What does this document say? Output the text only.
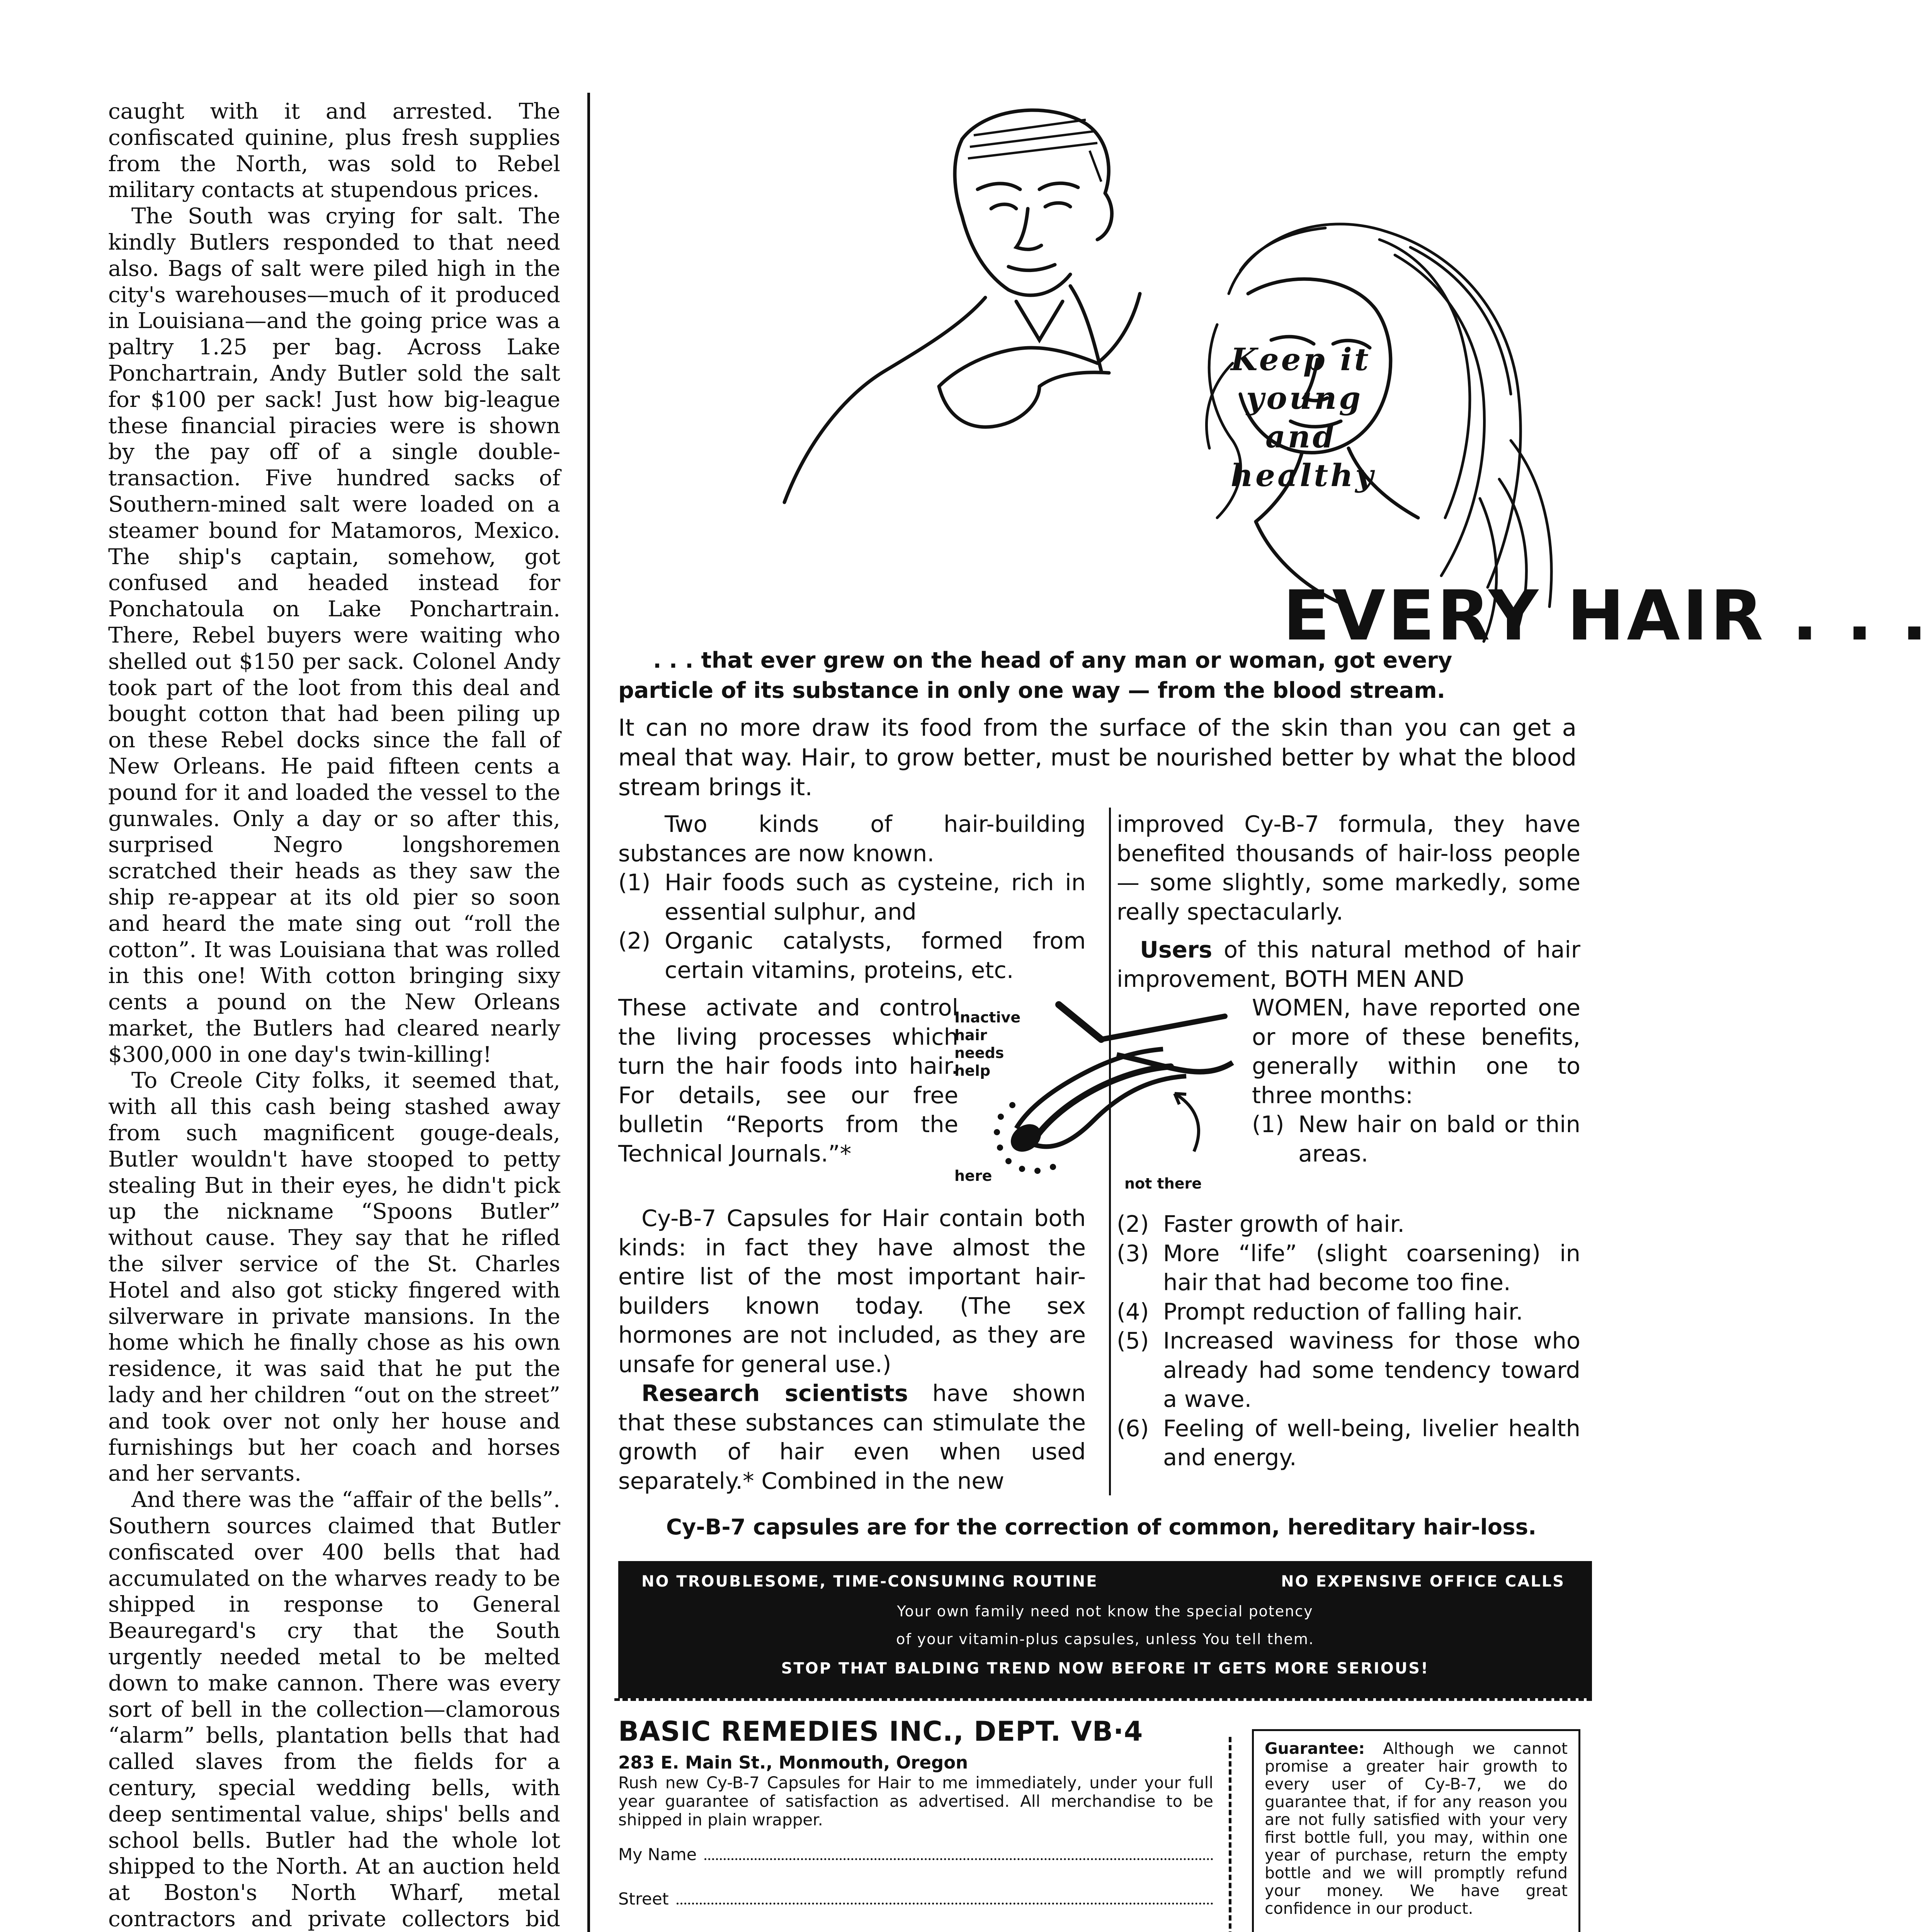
caught with it and arrested. The confiscated quinine, plus fresh supplies from the North, was sold to Rebel military contacts at stupendous prices.

The South was crying for salt. The kindly Butlers responded to that need also. Bags of salt were piled high in the city's warehouses—much of it produced in Louisiana—and the going price was a paltry 1.25 per bag. Across Lake Ponchartrain, Andy Butler sold the salt for $100 per sack! Just how big-league these financial piracies were is shown by the pay off of a single double-transaction. Five hundred sacks of Southern-mined salt were loaded on a steamer bound for Matamoros, Mexico. The ship's captain, somehow, got confused and headed instead for Ponchatoula on Lake Ponchartrain. There, Rebel buyers were waiting who shelled out $150 per sack. Colonel Andy took part of the loot from this deal and bought cotton that had been piling up on these Rebel docks since the fall of New Orleans. He paid fifteen cents a pound for it and loaded the vessel to the gunwales. Only a day or so after this, surprised Negro longshoremen scratched their heads as they saw the ship re-appear at its old pier so soon and heard the mate sing out “roll the cotton”. It was Louisiana that was rolled in this one! With cotton bringing sixy cents a pound on the New Orleans market, the Butlers had cleared nearly $300,000 in one day's twin-killing!

To Creole City folks, it seemed that, with all this cash being stashed away from such magnificent gouge-deals, Butler wouldn't have stooped to petty stealing But in their eyes, he didn't pick up the nickname “Spoons Butler” without cause. They say that he rifled the silver service of the St. Charles Hotel and also got sticky fingered with silverware in private mansions. In the home which he finally chose as his own residence, it was said that he put the lady and her children “out on the street” and took over not only her house and furnishings but her coach and horses and her servants.

And there was the “affair of the bells”. Southern sources claimed that Butler confiscated over 400 bells that had accumulated on the wharves ready to be shipped in response to General Beauregard's cry that the South urgently needed metal to be melted down to make cannon. There was every sort of bell in the collection—clamorous “alarm” bells, plantation bells that had called slaves from the fields for a century, special wedding bells, with deep sentimental value, ships' bells and school bells. Butler had the whole lot shipped to the North. At an auction held at Boston's North Wharf, metal contractors and private collectors bid

Keep it
young
and
healthy
EVERY HAIR . . .
. . . that ever grew on the head of any man or woman, got every
particle of its substance in only one way — from the blood stream.
It can no more draw its food from the surface of the skin than you can get a meal that way. Hair, to grow better, must be nourished better by what the blood stream brings it.

Two kinds of hair-building substances are now known.

(1) Hair foods such as cysteine, rich in essential sulphur, and
(2) Organic catalysts, formed from certain vitamins, proteins, etc.
These activate and control the living processes which turn the hair foods into hair. For details, see our free bulletin “Reports from the Technical Journals.”*
Inactive hair needs help
here	not there

Cy-B-7 Capsules for Hair contain both kinds: in fact they have almost the entire list of the most important hair-builders known today. (The sex hormones are not included, as they are unsafe for general use.)

Research scientists have shown that these substances can stimulate the growth of hair even when used separately.* Combined in the new

improved Cy-B-7 formula, they have benefited thousands of hair-loss people — some slightly, some markedly, some really spectacularly.
Users of this natural method of hair improvement, BOTH MEN AND
WOMEN, have reported one or more of these benefits, generally within one to three months:
(1) New hair on bald or thin areas.
(2) Faster growth of hair.
(3) More “life” (slight coarsening) in hair that had become too fine.
(4) Prompt reduction of falling hair.
(5) Increased waviness for those who already had some tendency toward a wave.
(6) Feeling of well-being, livelier health and energy.
Cy-B-7 capsules are for the correction of common, hereditary hair-loss.
NO TROUBLESOME, TIME-CONSUMING ROUTINE	NO EXPENSIVE OFFICE CALLS
Your own family need not know the special potency
of your vitamin-plus capsules, unless You tell them.
STOP THAT BALDING TREND NOW BEFORE IT GETS MORE SERIOUS!
BASIC REMEDIES INC., DEPT. VB·4
283 E. Main St., Monmouth, Oregon
Rush new Cy-B-7 Capsules for Hair to me immediately, under your full year guarantee of satisfaction as advertised. All merchandise to be shipped in plain wrapper.
My Name
Street
Guarantee: Although we cannot promise a greater hair growth to every user of Cy-B-7, we do guarantee that, if for any reason you are not fully satisfied with your very first bottle full, you may, within one year of purchase, return the empty bottle and we will promptly refund your money. We have great confidence in our product.
